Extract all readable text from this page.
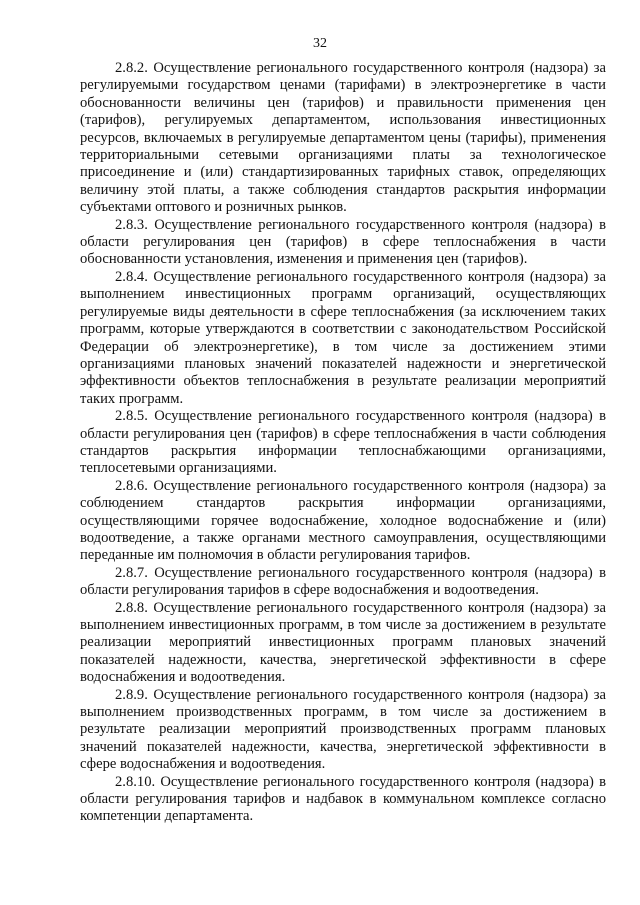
32

2.8.2. Осуществление регионального государственного контроля (надзора) за регулируемыми государством ценами (тарифами) в электроэнергетике в части обоснованности величины цен (тарифов) и правильности применения цен (тарифов), регулируемых департаментом, использования инвестиционных ресурсов, включаемых в регулируемые департаментом цены (тарифы), применения территориальными сетевыми организациями платы за технологическое присоединение и (или) стандартизированных тарифных ставок, определяющих величину этой платы, а также соблюдения стандартов раскрытия информации субъектами оптового и розничных рынков.

2.8.3. Осуществление регионального государственного контроля (надзора) в области регулирования цен (тарифов) в сфере теплоснабжения в части обоснованности установления, изменения и применения цен (тарифов).

2.8.4. Осуществление регионального государственного контроля (надзора) за выполнением инвестиционных программ организаций, осуществляющих регулируемые виды деятельности в сфере теплоснабжения (за исключением таких программ, которые утверждаются в соответствии с законодательством Российской Федерации об электроэнергетике), в том числе за достижением этими организациями плановых значений показателей надежности и энергетической эффективности объектов теплоснабжения в результате реализации мероприятий таких программ.

2.8.5. Осуществление регионального государственного контроля (надзора) в области регулирования цен (тарифов) в сфере теплоснабжения в части соблюдения стандартов раскрытия информации теплоснабжающими организациями, теплосетевыми организациями.

2.8.6. Осуществление регионального государственного контроля (надзора) за соблюдением стандартов раскрытия информации организациями, осуществляющими горячее водоснабжение, холодное водоснабжение и (или) водоотведение, а также органами местного самоуправления, осуществляющими переданные им полномочия в области регулирования тарифов.

2.8.7. Осуществление регионального государственного контроля (надзора) в области регулирования тарифов в сфере водоснабжения и водоотведения.

2.8.8. Осуществление регионального государственного контроля (надзора) за выполнением инвестиционных программ, в том числе за достижением в результате реализации мероприятий инвестиционных программ плановых значений показателей надежности, качества, энергетической эффективности в сфере водоснабжения и водоотведения.

2.8.9. Осуществление регионального государственного контроля (надзора) за выполнением производственных программ, в том числе за достижением в результате реализации мероприятий производственных программ плановых значений показателей надежности, качества, энергетической эффективности в сфере водоснабжения и водоотведения.

2.8.10. Осуществление регионального государственного контроля (надзора) в области регулирования тарифов и надбавок в коммунальном комплексе согласно компетенции департамента.
